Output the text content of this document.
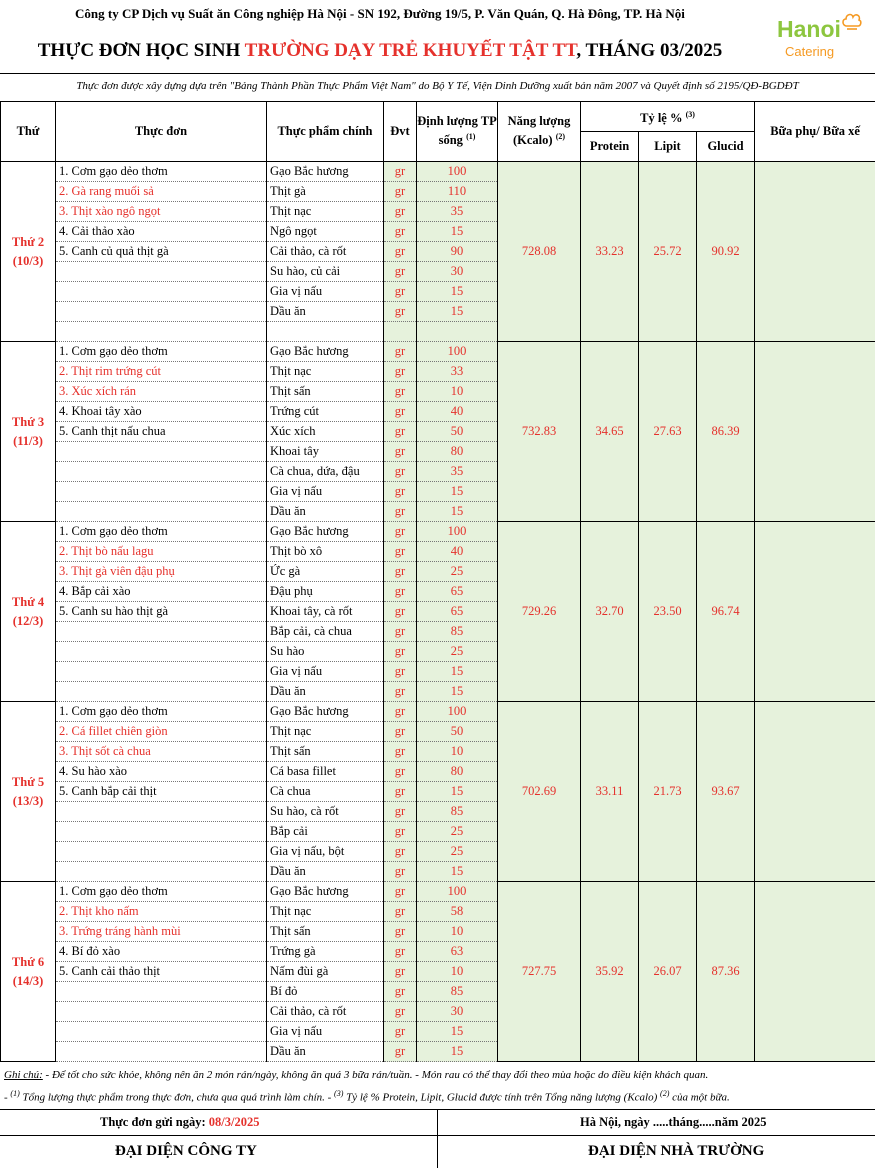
Công ty CP Dịch vụ Suất ăn Công nghiệp Hà Nội - SN 192, Đường 19/5, P. Văn Quán, Q. Hà Đông, TP. Hà Nội
THỰC ĐƠN HỌC SINH TRƯỜNG DẠY TRẺ KHUYẾT TẬT TT, THÁNG 03/2025
Hanoi
Catering
Thực đơn được xây dựng dựa trên "Bảng Thành Phần Thực Phẩm Việt Nam" do Bộ Y Tế, Viện Dinh Dưỡng xuất bản năm 2007 và Quyết định số 2195/QĐ-BGDĐT
Thứ	Thực đơn	Thực phẩm chính	Đvt	Định lượng TP sống $^{(1)}$	Năng lượng (Kcalo) $^{(2)}$	Tỷ lệ % $^{(3)}$			Bữa phụ/ Bữa xế
						Protein	Lipit	Glucid	

Thứ 2
(10/3)	1. Cơm gạo dẻo thơm	Gạo Bắc hương	gr	100	728.08	33.23	25.72	90.92	
	2. Gà rang muối sả	Thịt gà	gr	110					
	3. Thịt xào ngô ngọt	Thịt nạc	gr	35					
	4. Cải thảo xào	Ngô ngọt	gr	15					
	5. Canh củ quả thịt gà	Cải thảo, cà rốt	gr	90					
		Su hào, củ cải	gr	30					
		Gia vị nấu	gr	15					
		Dầu ăn	gr	15					

Thứ 3
(11/3)	1. Cơm gạo dẻo thơm	Gạo Bắc hương	gr	100	732.83	34.65	27.63	86.39	
	2. Thịt rim trứng cút	Thịt nạc	gr	33					
	3. Xúc xích rán	Thịt sấn	gr	10					
	4. Khoai tây xào	Trứng cút	gr	40					
	5. Canh thịt nấu chua	Xúc xích	gr	50					
		Khoai tây	gr	80					
		Cà chua, dứa, đậu	gr	35					
		Gia vị nấu	gr	15					
		Dầu ăn	gr	15					

Thứ 4
(12/3)	1. Cơm gạo dẻo thơm	Gạo Bắc hương	gr	100	729.26	32.70	23.50	96.74	
	2. Thịt bò nấu lagu	Thịt bò xô	gr	40					
	3. Thịt gà viên đậu phụ	Ức gà	gr	25					
	4. Bắp cải xào	Đậu phụ	gr	65					
	5. Canh su hào thịt gà	Khoai tây, cà rốt	gr	65					
		Bắp cải, cà chua	gr	85					
		Su hào	gr	25					
		Gia vị nấu	gr	15					
		Dầu ăn	gr	15					

Thứ 5
(13/3)	1. Cơm gạo dẻo thơm	Gạo Bắc hương	gr	100	702.69	33.11	21.73	93.67	
	2. Cá fillet chiên giòn	Thịt nạc	gr	50					
	3. Thịt sốt cà chua	Thịt sấn	gr	10					
	4. Su hào xào	Cá basa fillet	gr	80					
	5. Canh bắp cải thịt	Cà chua	gr	15					
		Su hào, cà rốt	gr	85					
		Bắp cải	gr	25					
		Gia vị nấu, bột	gr	25					
		Dầu ăn	gr	15					

Thứ 6
(14/3)	1. Cơm gạo dẻo thơm	Gạo Bắc hương	gr	100	727.75	35.92	26.07	87.36	
	2. Thịt kho nấm	Thịt nạc	gr	58					
	3. Trứng tráng hành mùi	Thịt sấn	gr	10					
	4. Bí đỏ xào	Trứng gà	gr	63					
	5. Canh cải thảo thịt	Nấm đùi gà	gr	10					
		Bí đỏ	gr	85					
		Cải thảo, cà rốt	gr	30					
		Gia vị nấu	gr	15					
		Dầu ăn	gr	15					
Ghi chú: - Để tốt cho sức khỏe, không nên ăn 2 món rán/ngày, không ăn quá 3 bữa rán/tuần. - Món rau có thể thay đổi theo mùa hoặc do điều kiện khách quan.
- $^{(1)}$ Tổng lượng thực phẩm trong thực đơn, chưa qua quá trình làm chín. - $^{(3)}$ Tỷ lệ % Protein, Lipit, Glucid được tính trên Tổng năng lượng (Kcalo) $^{(2)}$ của một bữa.
Thực đơn gửi ngày: 08/3/2025	Hà Nội, ngày .....tháng.....năm 2025
ĐẠI DIỆN CÔNG TY	ĐẠI DIỆN NHÀ TRƯỜNG
